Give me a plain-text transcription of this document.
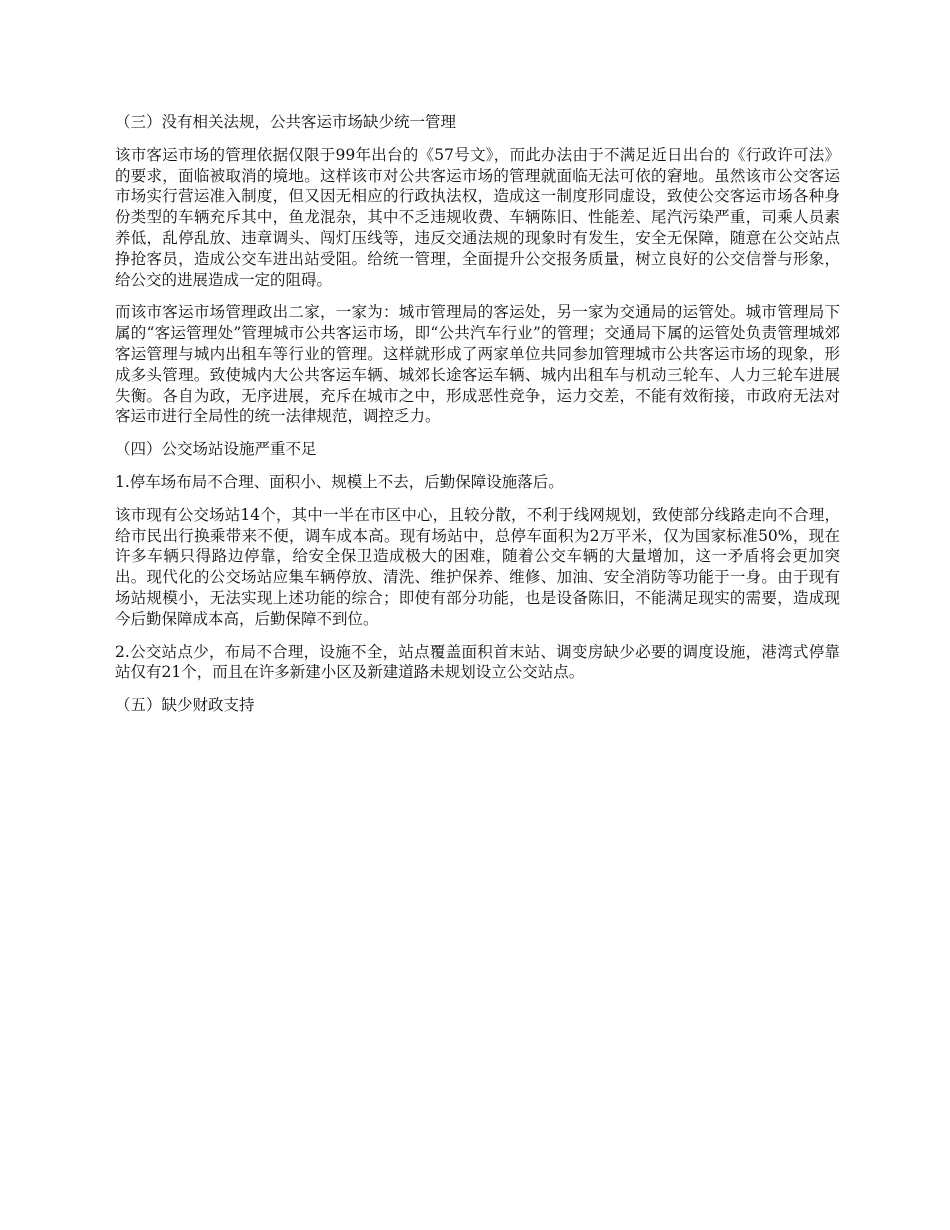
（三）没有相关法规，公共客运市场缺少统一管理

该市客运市场的管理依据仅限于99年出台的《57号文》，而此办法由于不满足近日出台的《行政许可法》的要求，面临被取消的境地。这样该市对公共客运市场的管理就面临无法可依的窘地。虽然该市公交客运市场实行营运准入制度，但又因无相应的行政执法权，造成这一制度形同虚设，致使公交客运市场各种身份类型的车辆充斥其中，鱼龙混杂，其中不乏违规收费、车辆陈旧、性能差、尾汽污染严重，司乘人员素养低，乱停乱放、违章调头、闯灯压线等，违反交通法规的现象时有发生，安全无保障，随意在公交站点挣抢客员，造成公交车进出站受阻。给统一管理，全面提升公交报务质量，树立良好的公交信誉与形象，给公交的进展造成一定的阻碍。

而该市客运市场管理政出二家，一家为：城市管理局的客运处，另一家为交通局的运管处。城市管理局下属的“客运管理处”管理城市公共客运市场，即“公共汽车行业”的管理；交通局下属的运管处负责管理城郊客运管理与城内出租车等行业的管理。这样就形成了两家单位共同参加管理城市公共客运市场的现象，形成多头管理。致使城内大公共客运车辆、城郊长途客运车辆、城内出租车与机动三轮车、人力三轮车进展失衡。各自为政，无序进展，充斥在城市之中，形成恶性竞争，运力交差，不能有效衔接，市政府无法对客运市进行全局性的统一法律规范，调控乏力。

（四）公交场站设施严重不足

1.停车场布局不合理、面积小、规模上不去，后勤保障设施落后。

该市现有公交场站14个，其中一半在市区中心，且较分散，不利于线网规划，致使部分线路走向不合理，给市民出行换乘带来不便，调车成本高。现有场站中，总停车面积为2万平米，仅为国家标准50%，现在许多车辆只得路边停靠，给安全保卫造成极大的困难，随着公交车辆的大量增加，这一矛盾将会更加突出。现代化的公交场站应集车辆停放、清洗、维护保养、维修、加油、安全消防等功能于一身。由于现有场站规模小，无法实现上述功能的综合；即使有部分功能，也是设备陈旧，不能满足现实的需要，造成现今后勤保障成本高，后勤保障不到位。

2.公交站点少，布局不合理，设施不全，站点覆盖面积首末站、调变房缺少必要的调度设施，港湾式停靠站仅有21个，而且在许多新建小区及新建道路未规划设立公交站点。

（五）缺少财政支持
